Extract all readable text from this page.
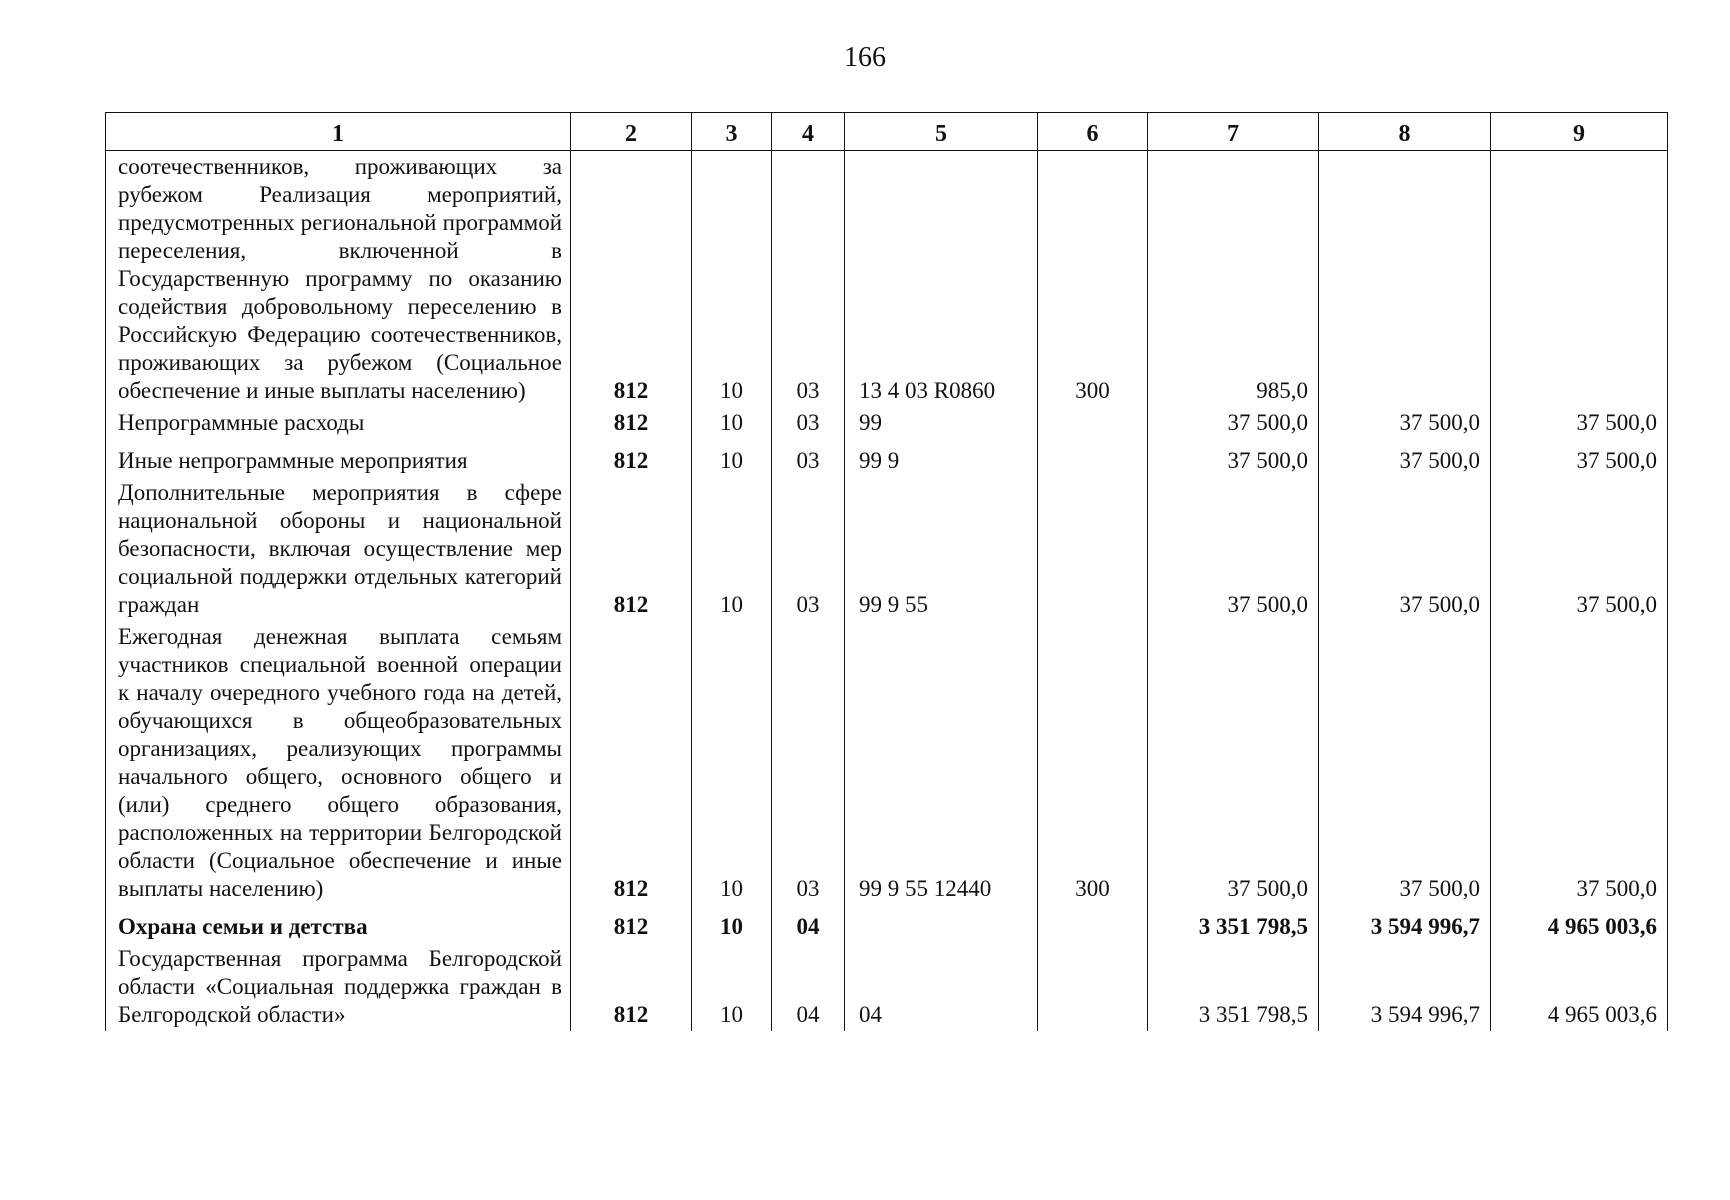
166
1	2	3	4	5	6	7	8	9
соотечественников, проживающих за рубежом Реализация мероприятий, предусмотренных региональной программой переселения, включенной в Государственную программу по оказанию содействия добровольному переселению в Российскую Федерацию соотечественников, проживающих за рубежом (Социальное обеспечение и иные выплаты населению)	812	10	03	13 4 03 R0860	300	985,0		
Непрограммные расходы	812	10	03	99		37 500,0	37 500,0	37 500,0
Иные непрограммные мероприятия	812	10	03	99 9		37 500,0	37 500,0	37 500,0
Дополнительные мероприятия в сфере национальной обороны и национальной безопасности, включая осуществление мер социальной поддержки отдельных категорий граждан	812	10	03	99 9 55		37 500,0	37 500,0	37 500,0
Ежегодная денежная выплата семьям участников специальной военной операции к началу очередного учебного года на детей, обучающихся в общеобразовательных организациях, реализующих программы начального общего, основного общего и (или) среднего общего образования, расположенных на территории Белгородской области (Социальное обеспечение и иные выплаты населению)	812	10	03	99 9 55 12440	300	37 500,0	37 500,0	37 500,0
Охрана семьи и детства	812	10	04			3 351 798,5	3 594 996,7	4 965 003,6
Государственная программа Белгородской области «Социальная поддержка граждан в Белгородской области»	812	10	04	04		3 351 798,5	3 594 996,7	4 965 003,6
